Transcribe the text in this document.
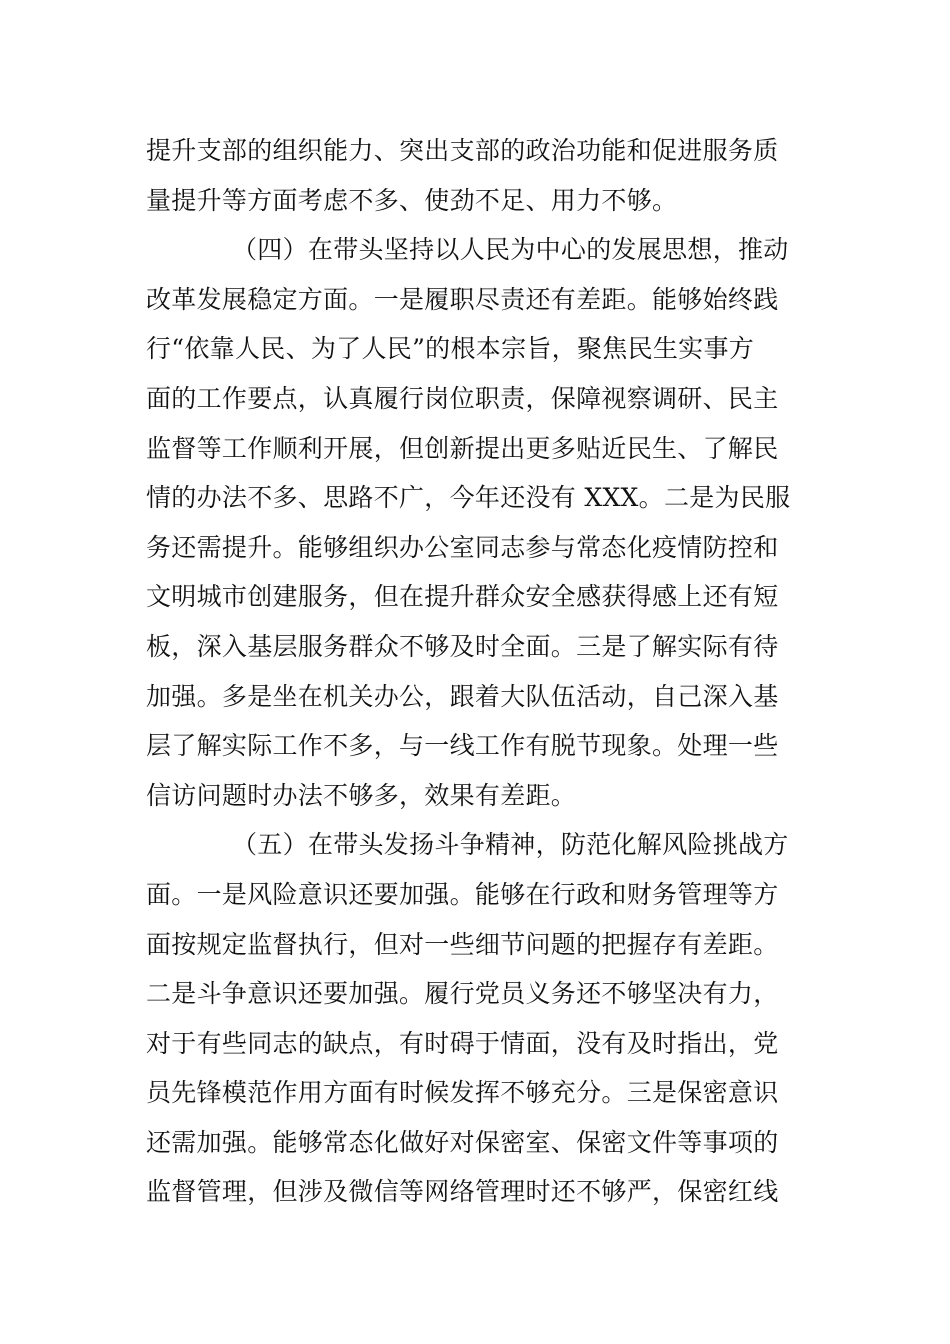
提升支部的组织能力、突出支部的政治功能和促进服务质
量提升等方面考虑不多、使劲不足、用力不够。
（四）在带头坚持以人民为中心的发展思想，推动
改革发展稳定方面。一是履职尽责还有差距。能够始终践
行“依靠人民、为了人民”的根本宗旨，聚焦民生实事方
面的工作要点，认真履行岗位职责，保障视察调研、民主
监督等工作顺利开展，但创新提出更多贴近民生、了解民
情的办法不多、思路不广，今年还没有 XXX。二是为民服
务还需提升。能够组织办公室同志参与常态化疫情防控和
文明城市创建服务，但在提升群众安全感获得感上还有短
板，深入基层服务群众不够及时全面。三是了解实际有待
加强。多是坐在机关办公，跟着大队伍活动，自己深入基
层了解实际工作不多，与一线工作有脱节现象。处理一些
信访问题时办法不够多，效果有差距。
（五）在带头发扬斗争精神，防范化解风险挑战方
面。一是风险意识还要加强。能够在行政和财务管理等方
面按规定监督执行，但对一些细节问题的把握存有差距。
二是斗争意识还要加强。履行党员义务还不够坚决有力，
对于有些同志的缺点，有时碍于情面，没有及时指出，党
员先锋模范作用方面有时候发挥不够充分。三是保密意识
还需加强。能够常态化做好对保密室、保密文件等事项的
监督管理，但涉及微信等网络管理时还不够严，保密红线
